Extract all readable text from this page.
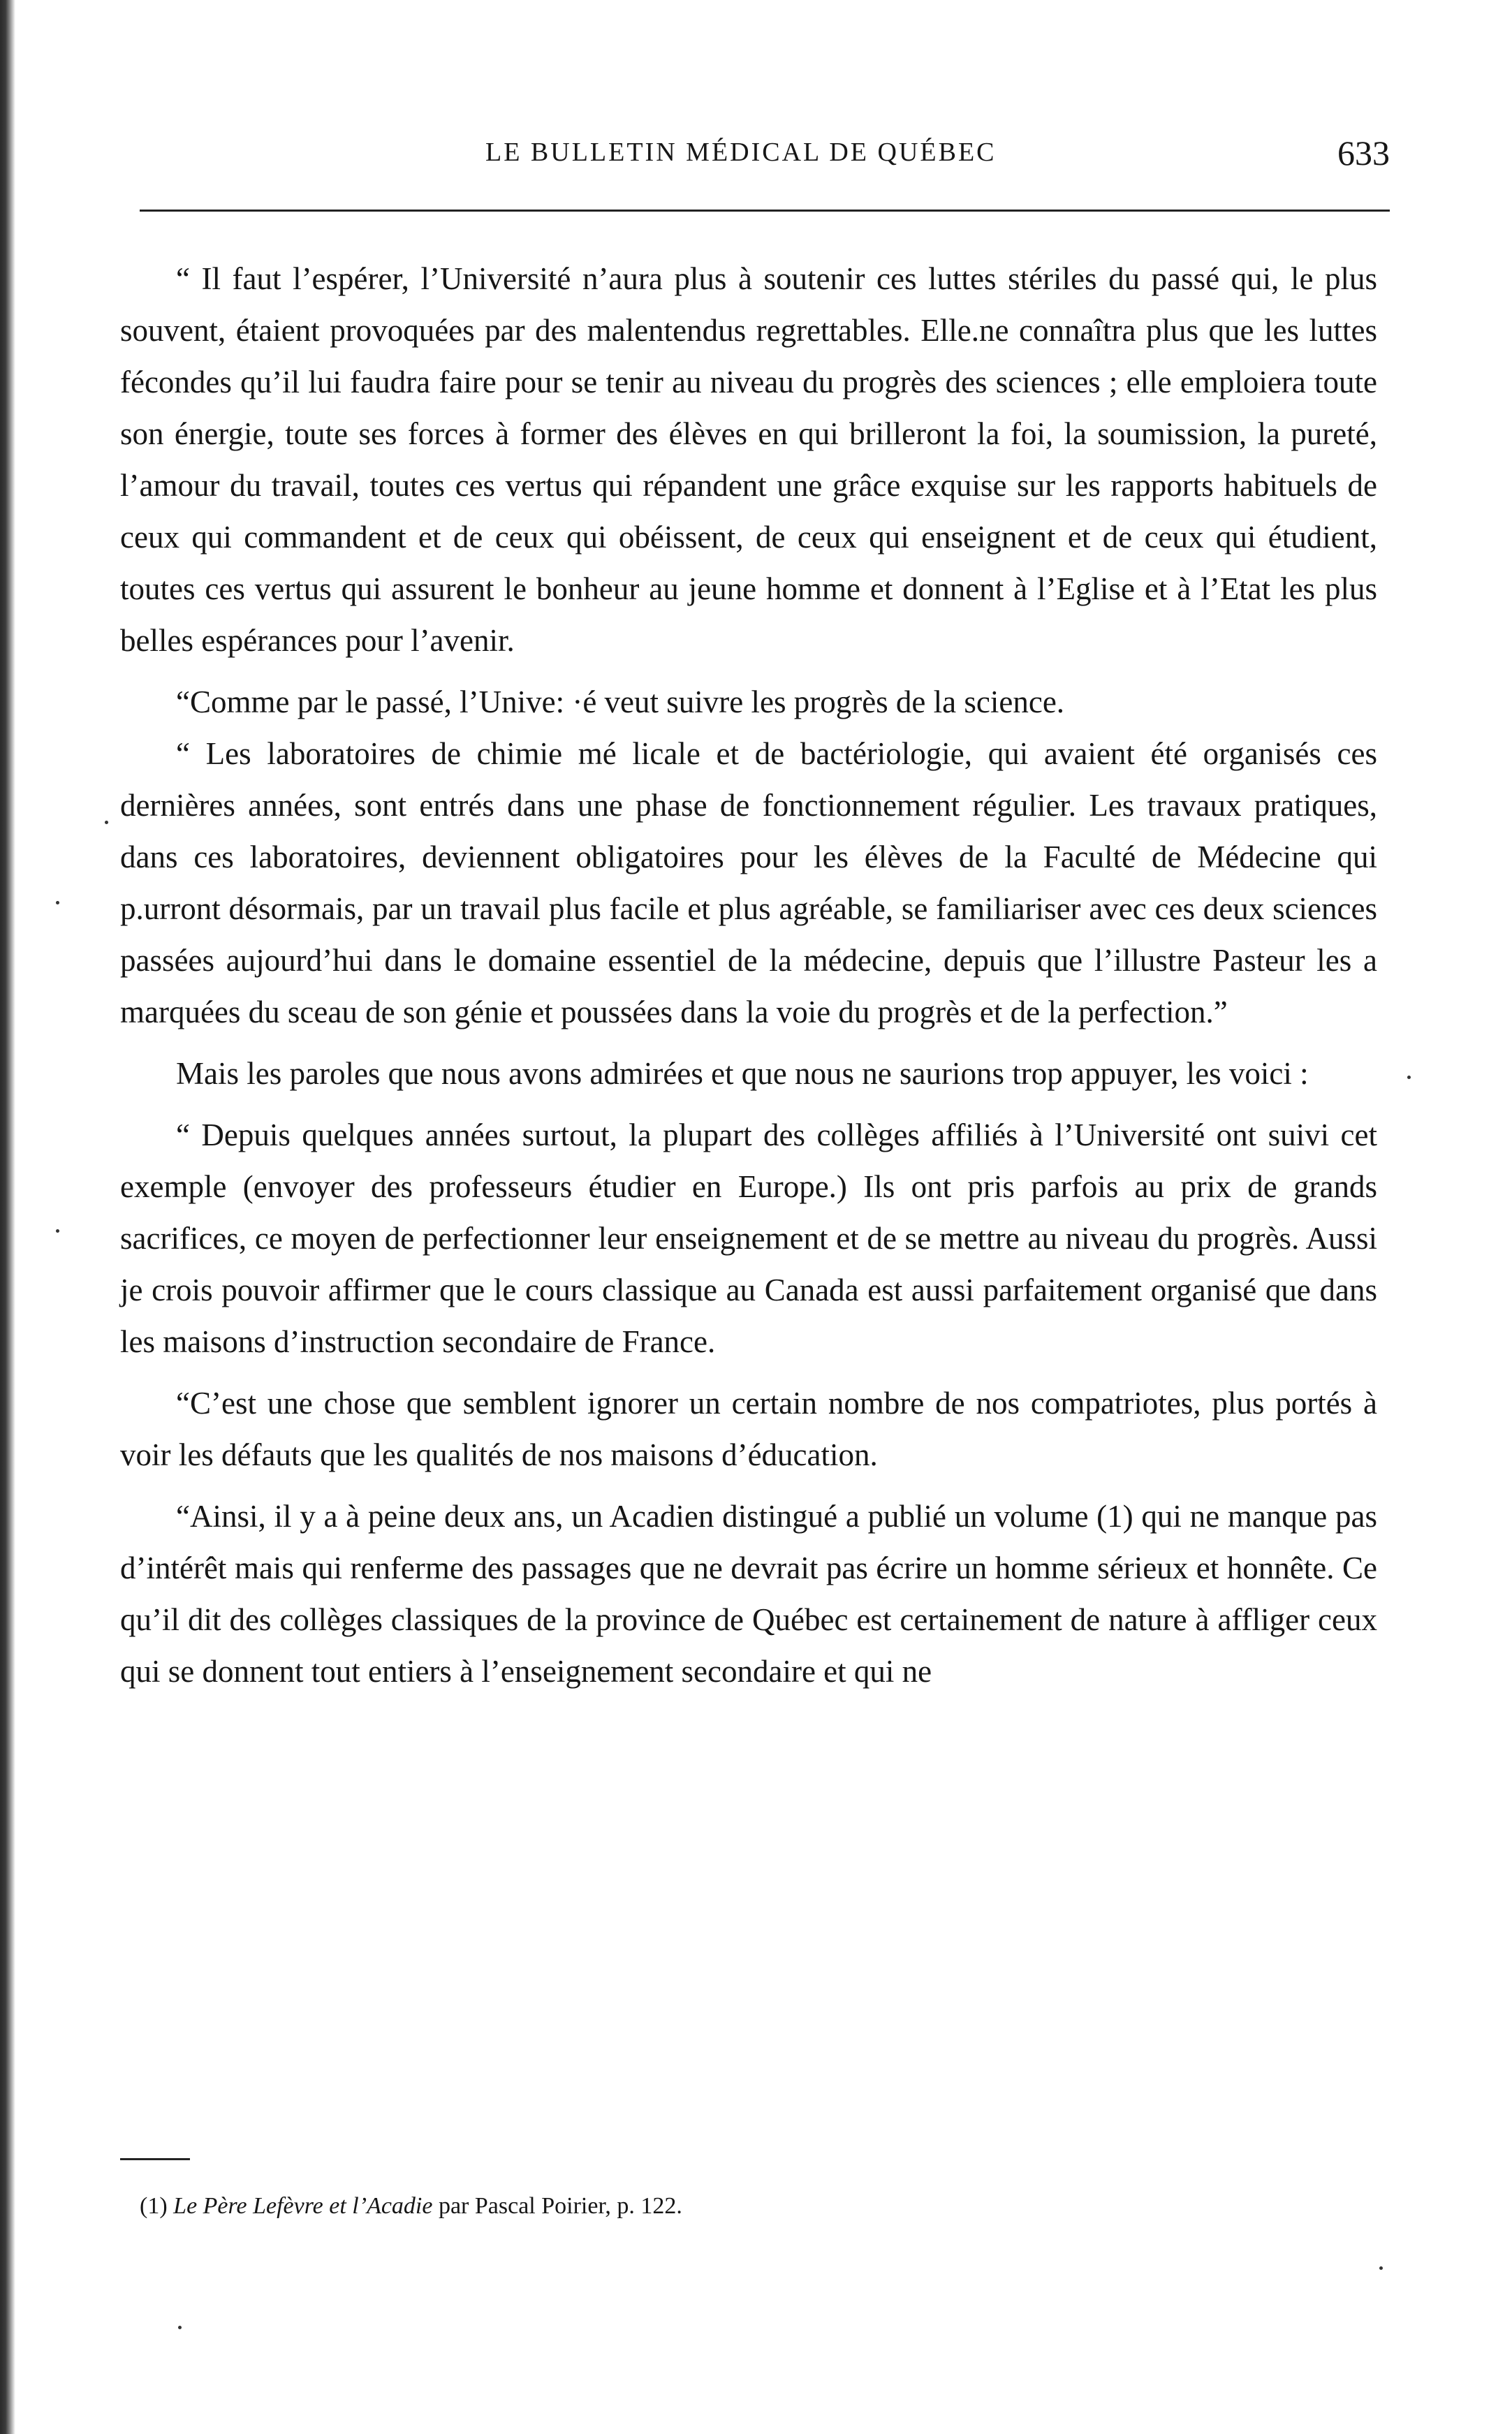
LE BULLETIN MÉDICAL DE QUÉBEC	633

“ Il faut l’espérer, l’Université n’aura plus à soutenir ces luttes stériles du passé qui, le plus souvent, étaient provoquées par des malentendus regrettables. Elle.ne connaîtra plus que les luttes fécondes qu’il lui faudra faire pour se tenir au niveau du progrès des sciences ; elle emploiera toute son énergie, toute ses forces à former des élèves en qui brilleront la foi, la soumission, la pureté, l’amour du travail, toutes ces vertus qui répandent une grâce exquise sur les rapports habituels de ceux qui commandent et de ceux qui obéissent, de ceux qui enseignent et de ceux qui étudient, toutes ces vertus qui assurent le bonheur au jeune homme et donnent à l’Eglise et à l’Etat les plus belles espérances pour l’avenir.

“Comme par le passé, l’Unive: ·é veut suivre les progrès de la science.

“ Les laboratoires de chimie mé licale et de bactériologie, qui avaient été organisés ces dernières années, sont entrés dans une phase de fonctionnement régulier. Les travaux pratiques, dans ces laboratoires, deviennent obligatoires pour les élèves de la Faculté de Médecine qui p.urront désormais, par un travail plus facile et plus agréable, se familiariser avec ces deux sciences passées aujourd’hui dans le domaine essentiel de la médecine, depuis que l’illustre Pasteur les a marquées du sceau de son génie et poussées dans la voie du progrès et de la perfection.”

Mais les paroles que nous avons admirées et que nous ne saurions trop appuyer, les voici :

“ Depuis quelques années surtout, la plupart des collèges affiliés à l’Université ont suivi cet exemple (envoyer des professeurs étudier en Europe.) Ils ont pris parfois au prix de grands sacrifices, ce moyen de perfectionner leur enseignement et de se mettre au niveau du progrès. Aussi je crois pouvoir affirmer que le cours classique au Canada est aussi parfaitement organisé que dans les maisons d’instruction secondaire de France.

“C’est une chose que semblent ignorer un certain nombre de nos compatriotes, plus portés à voir les défauts que les qualités de nos maisons d’éducation.

“Ainsi, il y a à peine deux ans, un Acadien distingué a publié un volume (1) qui ne manque pas d’intérêt mais qui renferme des passages que ne devrait pas écrire un homme sérieux et honnête. Ce qu’il dit des collèges classiques de la province de Québec est certainement de nature à affliger ceux qui se donnent tout entiers à l’enseignement secondaire et qui ne

(1) Le Père Lefèvre et l’Acadie par Pascal Poirier, p. 122.
